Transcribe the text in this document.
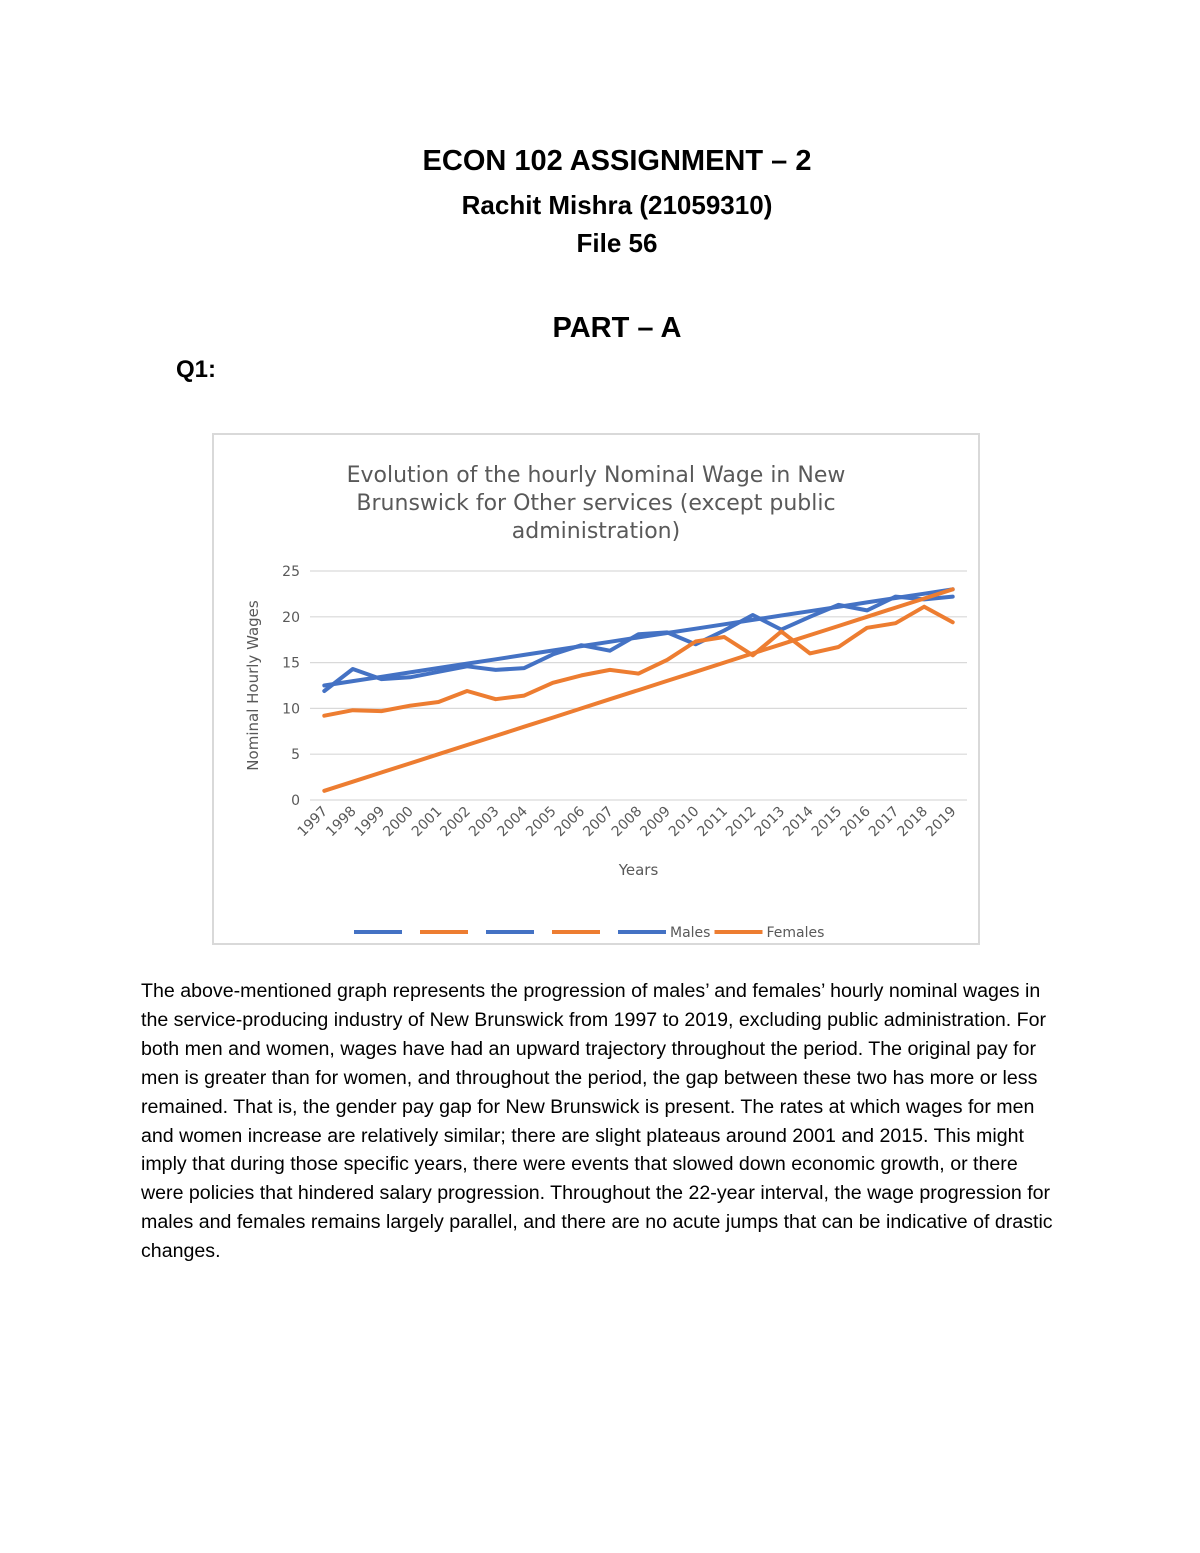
ECON 102 ASSIGNMENT – 2
Rachit Mishra (21059310)
File 56
PART – A
Q1:
Evolution of the hourly Nominal Wage in New
Brunswick for Other services (except public
administration)
0
5
10
15
20
25
1997
1998
1999
2000
2001
2002
2003
2004
2005
2006
2007
2008
2009
2010
2011
2012
2013
2014
2015
2016
2017
2018
2019
Years
Nominal Hourly Wages
Males	Females

The above-mentioned graph represents the progression of males’ and females’ hourly nominal wages in the service-producing industry of New Brunswick from 1997 to 2019, excluding public administration. For both men and women, wages have had an upward trajectory throughout the period. The original pay for men is greater than for women, and throughout the period, the gap between these two has more or less remained. That is, the gender pay gap for New Brunswick is present. The rates at which wages for men and women increase are relatively similar; there are slight plateaus around 2001 and 2015. This might imply that during those specific years, there were events that slowed down economic growth, or there were policies that hindered salary progression. Throughout the 22-year interval, the wage progression for males and females remains largely parallel, and there are no acute jumps that can be indicative of drastic changes.
